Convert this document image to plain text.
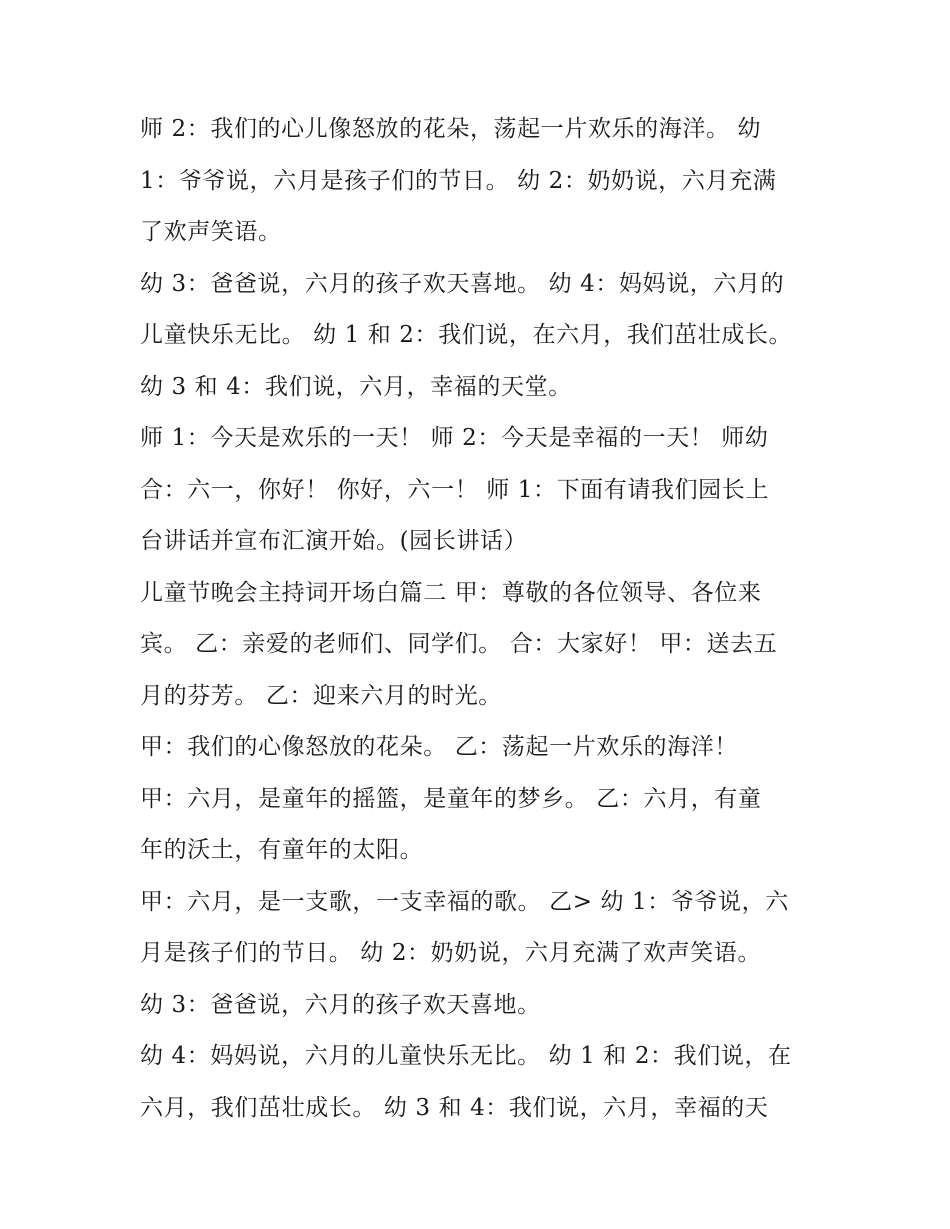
师 2：我们的心儿像怒放的花朵，荡起一片欢乐的海洋。 幼
1：爷爷说，六月是孩子们的节日。 幼 2：奶奶说，六月充满
了欢声笑语。

幼 3：爸爸说，六月的孩子欢天喜地。 幼 4：妈妈说，六月的
儿童快乐无比。 幼 1 和 2：我们说，在六月，我们茁壮成长。
幼 3 和 4：我们说，六月，幸福的天堂。

师 1：今天是欢乐的一天！ 师 2：今天是幸福的一天！ 师幼
合：六一，你好！ 你好，六一！ 师 1：下面有请我们园长上
台讲话并宣布汇演开始。(园长讲话）

儿童节晚会主持词开场白篇二 甲：尊敬的各位领导、各位来
宾。 乙：亲爱的老师们、同学们。 合：大家好！ 甲：送去五
月的芬芳。 乙：迎来六月的时光。

甲：我们的心像怒放的花朵。 乙：荡起一片欢乐的海洋！

甲：六月，是童年的摇篮，是童年的梦乡。 乙：六月，有童
年的沃土，有童年的太阳。

甲：六月，是一支歌，一支幸福的歌。 乙> 幼 1：爷爷说，六
月是孩子们的节日。 幼 2：奶奶说，六月充满了欢声笑语。

幼 3：爸爸说，六月的孩子欢天喜地。

幼 4：妈妈说，六月的儿童快乐无比。 幼 1 和 2：我们说，在
六月，我们茁壮成长。 幼 3 和 4：我们说，六月，幸福的天
